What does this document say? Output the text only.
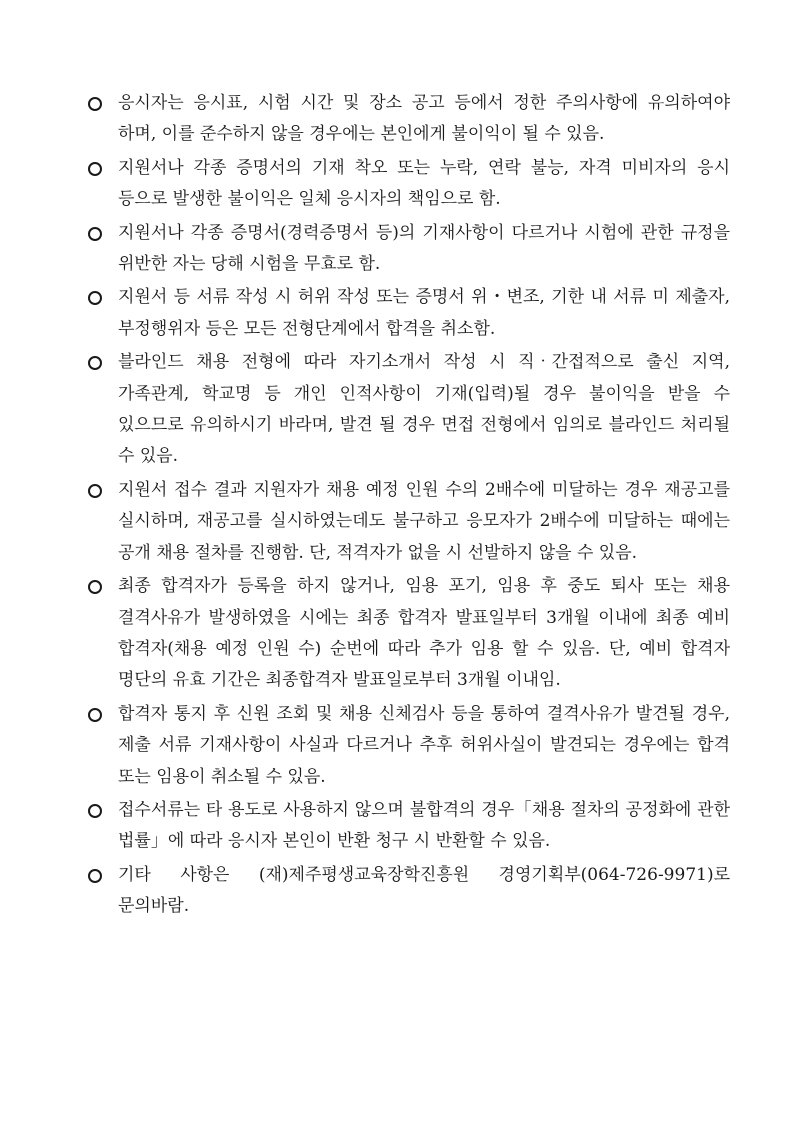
응시자는 응시표, 시험 시간 및 장소 공고 등에서 정한 주의사항에 유의하여야 하며, 이를 준수하지 않을 경우에는 본인에게 불이익이 될 수 있음.
지원서나 각종 증명서의 기재 착오 또는 누락, 연락 불능, 자격 미비자의 응시 등으로 발생한 불이익은 일체 응시자의 책임으로 함.
지원서나 각종 증명서(경력증명서 등)의 기재사항이 다르거나 시험에 관한 규정을 위반한 자는 당해 시험을 무효로 함.
지원서 등 서류 작성 시 허위 작성 또는 증명서 위・변조, 기한 내 서류 미 제출자, 부정행위자 등은 모든 전형단계에서 합격을 취소함.
블라인드 채용 전형에 따라 자기소개서 작성 시 직‧간접적으로 출신 지역, 가족관계, 학교명 등 개인 인적사항이 기재(입력)될 경우 불이익을 받을 수 있으므로 유의하시기 바라며, 발견 될 경우 면접 전형에서 임의로 블라인드 처리될 수 있음.
지원서 접수 결과 지원자가 채용 예정 인원 수의 2배수에 미달하는 경우 재공고를 실시하며, 재공고를 실시하였는데도 불구하고 응모자가 2배수에 미달하는 때에는 공개 채용 절차를 진행함. 단, 적격자가 없을 시 선발하지 않을 수 있음.
최종 합격자가 등록을 하지 않거나, 임용 포기, 임용 후 중도 퇴사 또는 채용 결격사유가 발생하였을 시에는 최종 합격자 발표일부터 3개월 이내에 최종 예비 합격자(채용 예정 인원 수) 순번에 따라 추가 임용 할 수 있음. 단, 예비 합격자 명단의 유효 기간은 최종합격자 발표일로부터 3개월 이내임.
합격자 통지 후 신원 조회 및 채용 신체검사 등을 통하여 결격사유가 발견될 경우, 제출 서류 기재사항이 사실과 다르거나 추후 허위사실이 발견되는 경우에는 합격 또는 임용이 취소될 수 있음.
접수서류는 타 용도로 사용하지 않으며 불합격의 경우「채용 절차의 공정화에 관한 법률」에 따라 응시자 본인이 반환 청구 시 반환할 수 있음.
기타 사항은 (재)제주평생교육장학진흥원 경영기획부(064-726-9971)로 문의바람.
